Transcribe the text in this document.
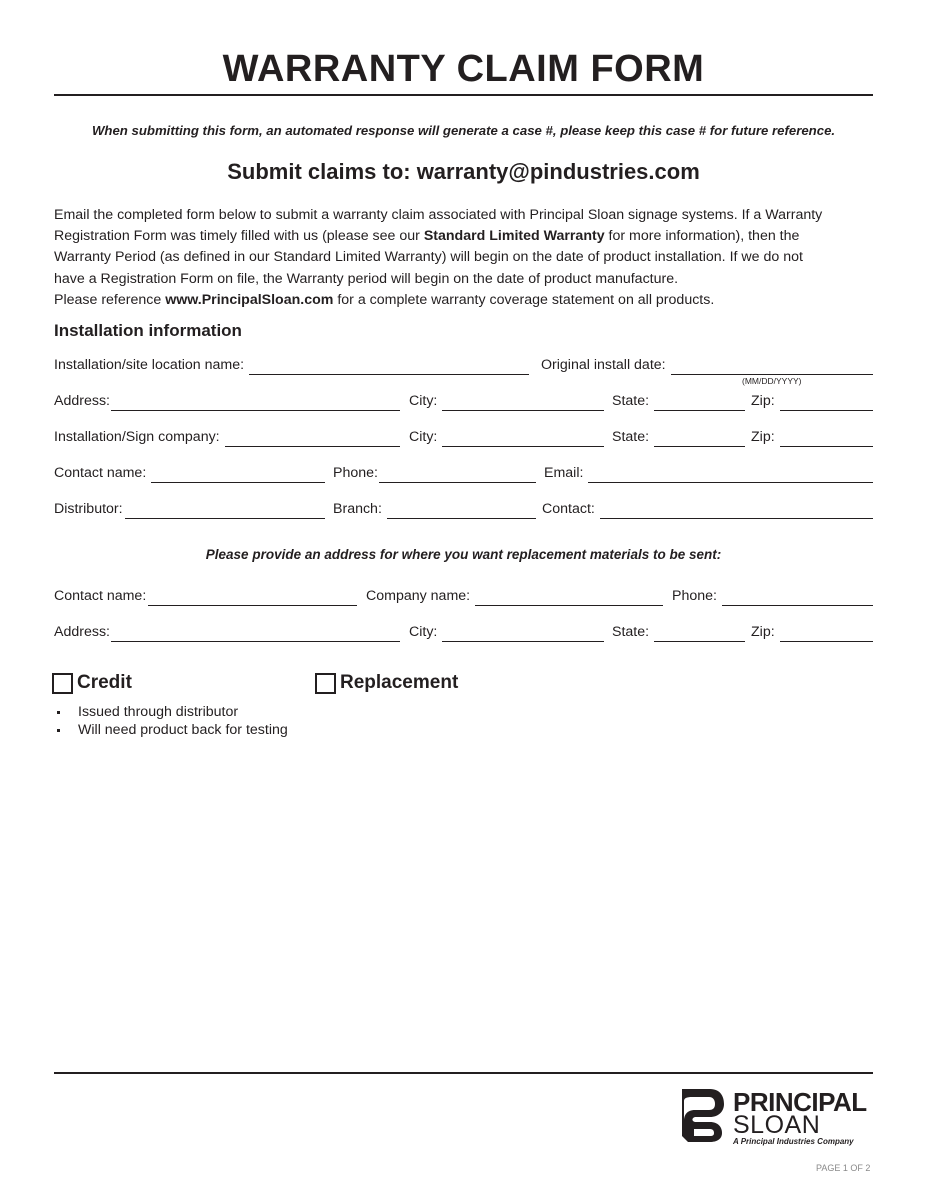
WARRANTY CLAIM FORM
When submitting this form, an automated response will generate a case #, please keep this case # for future reference.
Submit claims to: warranty@pindustries.com

Email the completed form below to submit a warranty claim associated with Principal Sloan signage systems. If a Warranty

Registration Form was timely filled with us (please see our Standard Limited Warranty for more information), then the

Warranty Period (as defined in our Standard Limited Warranty) will begin on the date of product installation. If we do not

have a Registration Form on file, the Warranty period will begin on the date of product manufacture.

Please reference www.PrincipalSloan.com for a complete warranty coverage statement on all products.

Installation information
Installation/site location name:	Original install date:
(MM/DD/YYYY)
Address:	City:	State:	Zip:
Installation/Sign company:	City:	State:	Zip:
Contact name:	Phone:	Email:
Distributor:	Branch:	Contact:
Please provide an address for where you want replacement materials to be sent:
Contact name:	Company name:	Phone:
Address:	City:	State:	Zip:
Credit	Replacement
Issued through distributor
Will need product back for testing
PRINCIPAL
SLOAN
A Principal Industries Company
PAGE 1 OF 2
